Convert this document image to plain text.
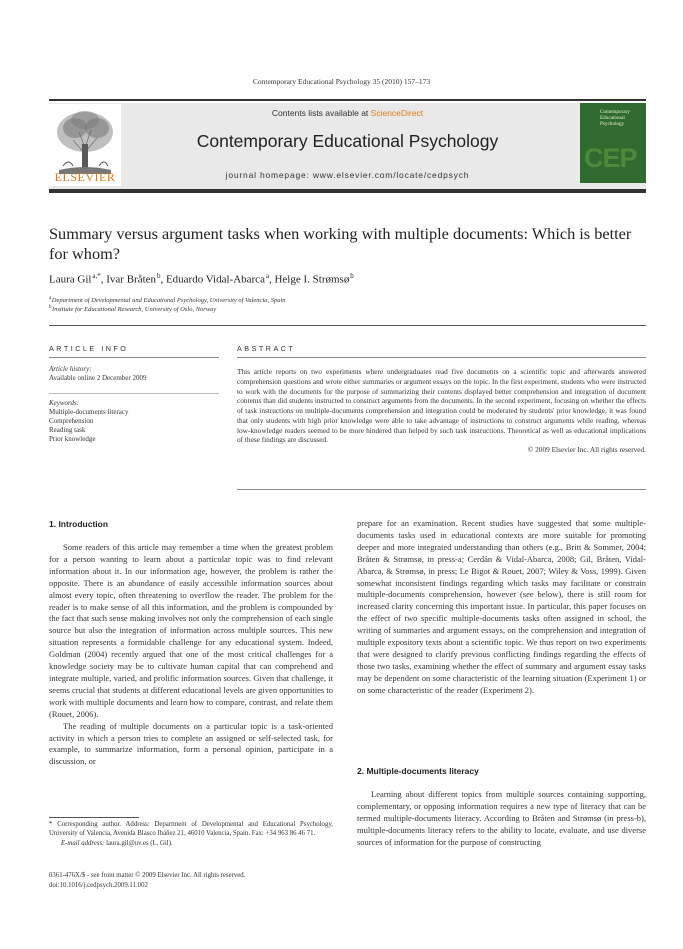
Contemporary Educational Psychology 35 (2010) 157–173
Contents lists available at ScienceDirect
Contemporary Educational Psychology
journal homepage: www.elsevier.com/locate/cedpsych
ELSEVIER
Contemporary Educational Psychology
CEP
Summary versus argument tasks when working with multiple documents: Which is better for whom?
Laura Gil $^{a,*}$, Ivar Bråten $^b$, Eduardo Vidal-Abarca $^a$, Helge I. Strømsø $^b$
$^a$ Department of Developmental and Educational Psychology, University of Valencia, Spain
$^b$ Institute for Educational Research, University of Oslo, Norway
ARTICLE INFO
Article history:
Available online 2 December 2009
Keywords:
Multiple-documents literacy
Comprehension
Reading task
Prior knowledge
ABSTRACT
This article reports on two experiments where undergraduates read five documents on a scientific topic and afterwards answered comprehension questions and wrote either summaries or argument essays on the topic. In the first experiment, students who were instructed to work with the documents for the purpose of summarizing their contents displayed better comprehension and integration of document contents than did students instructed to construct arguments from the documents. In the second experiment, focusing on whether the effects of task instructions on multiple-documents comprehension and integration could be moderated by students' prior knowledge, it was found that only students with high prior knowledge were able to take advantage of instructions to construct arguments while reading, whereas low-knowledge readers seemed to be more hindered than helped by such task instructions. Theoretical as well as educational implications of these findings are discussed.
© 2009 Elsevier Inc. All rights reserved.
1. Introduction

Some readers of this article may remember a time when the greatest problem for a person wanting to learn about a particular topic was to find relevant information about it. In our information age, however, the problem is rather the opposite. There is an abundance of easily accessible information sources about almost every topic, often threatening to overflow the reader. The problem for the reader is to make sense of all this information, and the problem is compounded by the fact that such sense making involves not only the comprehension of each single source but also the integration of information across multiple sources. This new situation represents a formidable challenge for any educational system. Indeed, Goldman (2004) recently argued that one of the most critical challenges for a knowledge society may be to cultivate human capital that can comprehend and integrate multiple, varied, and prolific information sources. Given that challenge, it seems crucial that students at different educational levels are given opportunities to work with multiple documents and learn how to compare, contrast, and relate them (Rouet, 2006).

The reading of multiple documents on a particular topic is a task-oriented activity in which a person tries to complete an assigned or self-selected task, for example, to summarize information, form a personal opinion, participate in a discussion, or

* Corresponding author. Address: Department of Developmental and Educational Psychology, University of Valencia, Avenida Blasco Ibáñez 21, 46010 Valencia, Spain. Fax: +34 963 86 46 71.
E-mail address: laura.gil@uv.es (L. Gil).
0361-476X/$ - see front matter © 2009 Elsevier Inc. All rights reserved.
doi:10.1016/j.cedpsych.2009.11.002

prepare for an examination. Recent studies have suggested that some multiple-documents tasks used in educational contexts are more suitable for promoting deeper and more integrated understanding than others (e.g., Britt & Sommer, 2004; Bråten & Strømsø, in press-a; Cerdán & Vidal-Abarca, 2008; Gil, Bråten, Vidal-Abarca, & Strømsø, in press; Le Bigot & Rouet, 2007; Wiley & Voss, 1999). Given somewhat inconsistent findings regarding which tasks may facilitate or constrain multiple-documents comprehension, however (see below), there is still room for increased clarity concerning this important issue. In particular, this paper focuses on the effect of two specific multiple-documents tasks often assigned in school, the writing of summaries and argument essays, on the comprehension and integration of multiple expository texts about a scientific topic. We thus report on two experiments that were designed to clarify previous conflicting findings regarding the effects of those two tasks, examining whether the effect of summary and argument essay tasks may be dependent on some characteristic of the learning situation (Experiment 1) or on some characteristic of the reader (Experiment 2).

2. Multiple-documents literacy

Learning about different topics from multiple sources containing supporting, complementary, or opposing information requires a new type of literacy that can be termed multiple-documents literacy. According to Bråten and Strømsø (in press-b), multiple-documents literacy refers to the ability to locate, evaluate, and use diverse sources of information for the purpose of constructing
